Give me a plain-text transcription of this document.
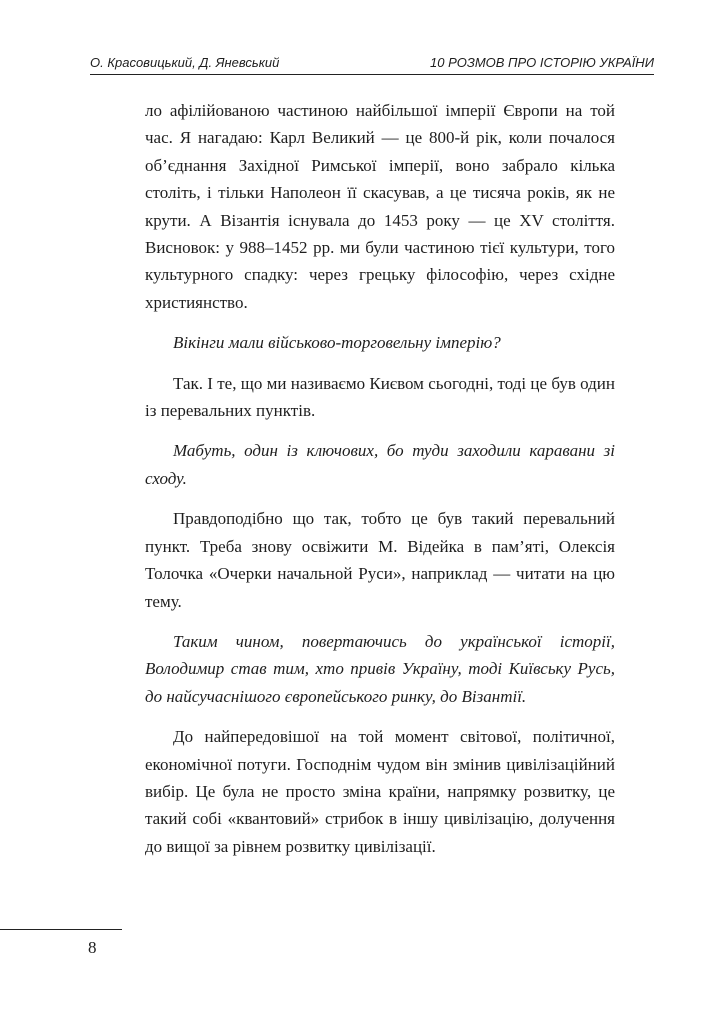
О. Красовицький, Д. Яневський	10 РОЗМОВ ПРО ІСТОРІЮ УКРАЇНИ

ло афілійованою частиною найбільшої імперії Європи на той час. Я нагадаю: Карл Великий — це 800-й рік, коли почалося об’єднання Західної Римської імперії, воно забрало кілька століть, і тільки Наполеон її скасував, а це тисяча років, як не крути. А Візантія існувала до 1453 року — це XV століття. Висновок: у 988–1452 рр. ми були частиною тієї культури, того культурного спадку: через грецьку філософію, через східне християнство.

Вікінги мали військово-торговельну імперію?

Так. І те, що ми називаємо Києвом сьогодні, тоді це був один із перевальних пунктів.

Мабуть, один із ключових, бо туди заходили каравани зі сходу.

Правдоподібно що так, тобто це був такий перевальний пункт. Треба знову освіжити М. Відейка в пам’яті, Олексія Толочка «Очерки начальной Руси», наприклад — читати на цю тему.

Таким чином, повертаючись до української історії, Володимир став тим, хто привів Україну, тоді Київську Русь, до найсучаснішого європейського ринку, до Візантії.

До найпередовішої на той момент світової, політичної, економічної потуги. Господнім чудом він змінив цивілізаційний вибір. Це була не просто зміна країни, напрямку розвитку, це такий собі «квантовий» стрибок в іншу цивілізацію, долучення до вищої за рівнем розвитку цивілізації.

8
